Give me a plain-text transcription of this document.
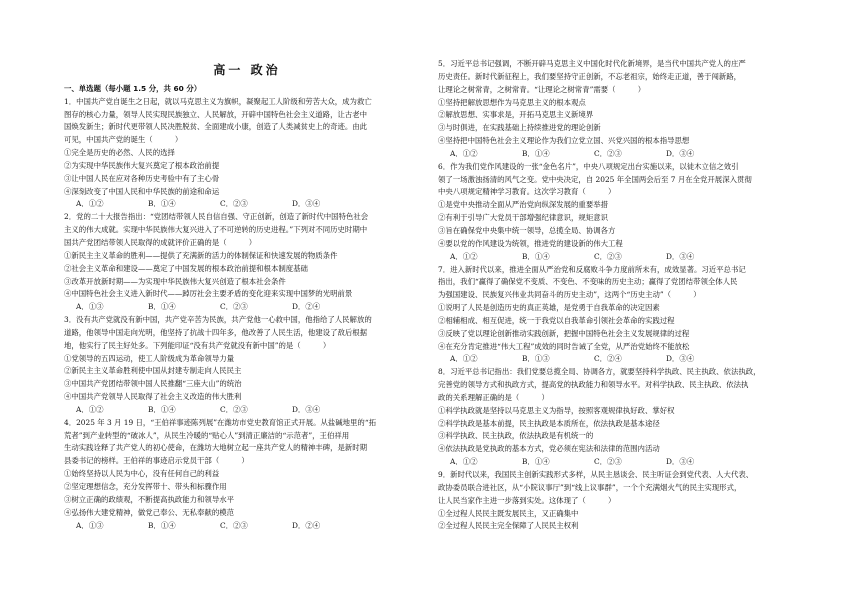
高一 政治
一、单选题（每小题 1.5 分，共 60 分）
1．中国共产党自诞生之日起，就以马克思主义为旗帜，凝聚起工人阶级和劳苦大众，成为救亡
图存的核心力量，领导人民实现民族独立、人民解放，开辟中国特色社会主义道路，让古老中
国焕发新生；新时代更带领人民决胜脱贫、全面建成小康，创造了人类减贫史上的奇迹。由此
可见，中国共产党的诞生（　　　）
①完全是历史的必然、人民的选择
②为实现中华民族伟大复兴奠定了根本政治前提
③让中国人民在应对各种历史考验中有了主心骨
④深刻改变了中国人民和中华民族的前途和命运
A．①②	B．①④	C．②③	D．③④
2．党的二十大报告指出：“党团结带领人民自信自强、守正创新，创造了新时代中国特色社会
主义的伟大成就。实现中华民族伟大复兴进入了不可逆转的历史进程。”下列对不同历史时期中
国共产党团结带领人民取得的成就评价正确的是（　　　）
①新民主主义革命的胜利——提供了充满新的活力的体制保证和快速发展的物质条件
②社会主义革命和建设——奠定了中国发展的根本政治前提和根本制度基础
③改革开放新时期——为实现中华民族伟大复兴创造了根本社会条件
④中国特色社会主义进入新时代——踔厉社会主要矛盾的变化迎来实现中国梦的光明前景
A．①③	B．①④	C．②③	D．②④
3．没有共产党就没有新中国，共产党辛苦为民族，共产党他一心救中国，他指给了人民解放的
道路，他领导中国走向光明，他坚持了抗战十四年多，他改善了人民生活，他建设了敌后根据
地，他实行了民主好处多。下列能印证“没有共产党就没有新中国”的是（　　　）
①党领导的五四运动，使工人阶级成为革命领导力量
②新民主主义革命胜利使中国从封建专制走向人民民主
③中国共产党团结带领中国人民推翻“三座大山”的统治
④中国共产党领导人民取得了社会主义改造的伟大胜利
A．①②	B．①④	C．②③	D．③④
4．2025 年 3 月 19 日，“王伯祥事迹陈列展”在潍坊市党史教育馆正式开展。从盐碱地里的“拓
荒者”到产业转型的“破冰人”，从民生冷暖的“贴心人”到清正廉洁的“示范者”，王伯祥用
生动实践诠释了共产党人的初心使命，在潍坊大地树立起一座共产党人的精神丰碑，是新时期
县委书记的榜样。王伯祥的事迹启示党员干部（　　　）
①始终坚持以人民为中心，没有任何自己的利益
②坚定理想信念，充分发挥带十、带头和标骤作用
③树立正确的政绩观，不断提高执政能力和领导水平
④弘扬伟大建党精神，做党己奉公、无私奉献的模范
A．①③	B．①④	C．②③	D．②④
5．习近平总书记强调，不断开辟马克思主义中国化时代化新境界，是当代中国共产党人的庄严
历史责任。新时代新征程上，我们要坚持守正创新，不忘老祖宗，始终走正道，善于闯新路，
让理论之树常青，之树常青。“让理论之树常青”需要（　　　）
①坚持把解放思想作为马克思主义的根本观点
②解放思想、实事求是，开拓马克思主义新境界
③与时俱进，在实践基础上持续推进党的理论创新
④坚持把中国特色社会主义理论作为我们立党立国、兴党兴国的根本指导思想
A．①②	B．①④	C．②③	D．③④
6．作为我们党作风建设的一张“金色名片”，中央八项规定出台实施以来，以徒木立信之效引
领了一场激浊扬清的风气之变。党中央决定，自 2025 年全国两会后至 7 月在全党开展深入贯彻
中央八项规定精神学习教育。这次学习教育（　　　）
①是党中央推动全面从严治党向纵深发展的重要举措
②有利于引导广大党员干部增强纪律意识，规矩意识
③旨在确保党中央集中统一领导，总揽全局、协调各方
④要以党的作风建设为统领，推进党的建设新的伟大工程
A．①②	B．①④	C．②③	D．③④
7．进入新时代以来，推进全面从严治党和反腐败斗争力度前所未有，成效显著。习近平总书记
指出，我们“赢得了确保党不变质、不变色、不变味的历史主动；赢得了党团结带领全体人民
为强国建设、民族复兴伟业共同奋斗的历史主动”，这两个“历史主动”（　　　）
①说明了人民是创造历史的真正英雄，是党勇于自我革命的决定因素
②相辅相成、相互促进，统一于我党以自我革命引领社会革命的实践过程
③反映了党以理论创新推动实践创新，把握中国特色社会主义发展规律的过程
④在充分肯定推进“伟大工程”成效的同时告诫了全党，从严治党始终不能放松
A．①②	B．①③	C．②④	D．③④
8．习近平总书记指出：我们党要总揽全局、协调各方，就要坚持科学执政、民主执政、依法执政，
完善党的领导方式和执政方式，提高党的执政能力和领导水平。对科学执政、民主执政、依法执
政的关系理解正确的是（　　　）
①科学执政就是坚持以马克思主义为指导，按照客观规律执好政、掌好权
②科学执政是基本前提，民主执政是本质所在，依法执政是基本途径
③科学执政、民主执政，依法执政是有机统一的
④依法执政是党执政的基本方式，党必须在宪法和法律的范围内活动
A．①②	B．①④	C．②③	D．③④
9．新时代以来，我国民主创新实践形式多样，从民主恳谈会、民主听证会到党代表、人大代表、
政协委员联合进社区，从“小院议事厅”到“线上议事群”，一个个充满烟火气的民主实现形式，
让人民当家作主进一步落到实处。这体现了（　　　）
①全过程人民民主既发展民主，又正确集中
②全过程人民民主完全保障了人民民主权利
